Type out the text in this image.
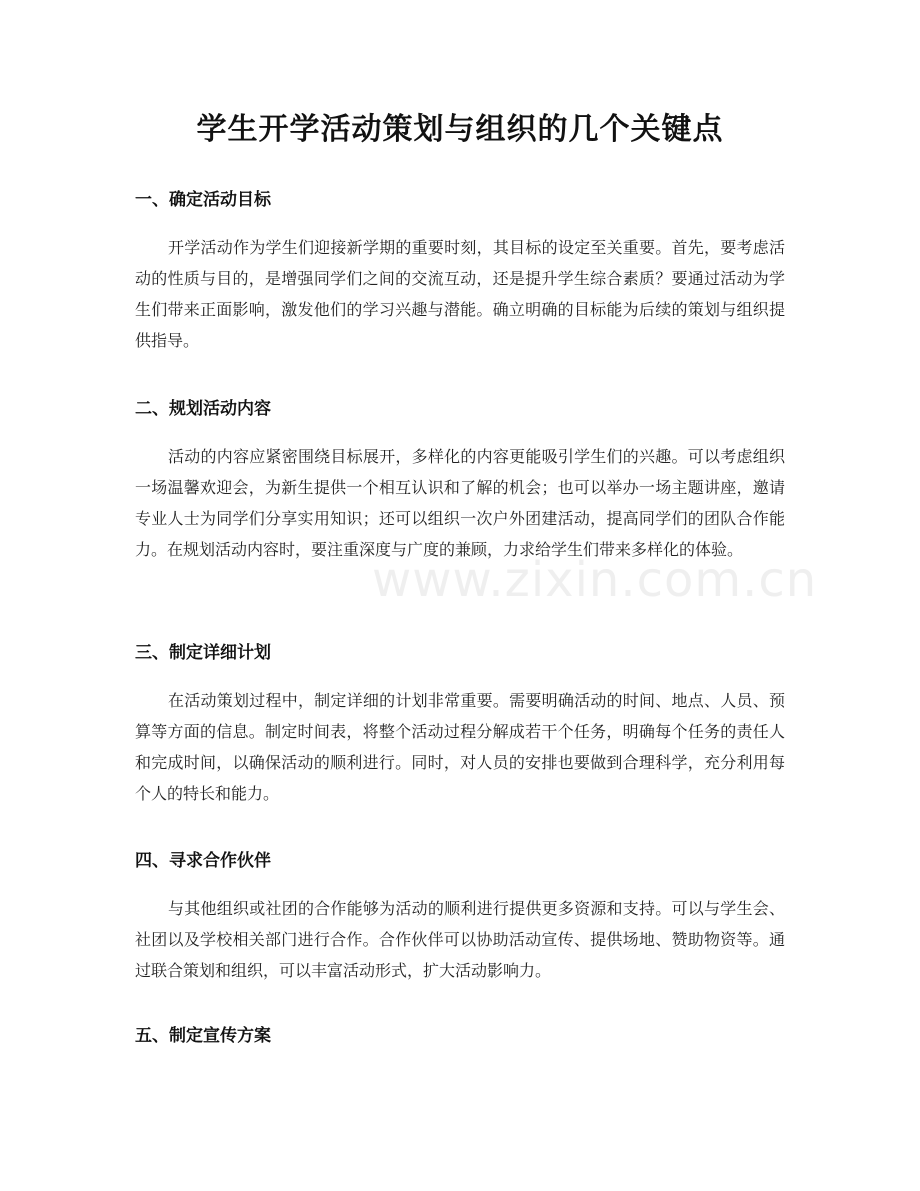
学生开学活动策划与组织的几个关键点
一、确定活动目标

开学活动作为学生们迎接新学期的重要时刻，其目标的设定至关重要。首先，要考虑活动的性质与目的，是增强同学们之间的交流互动，还是提升学生综合素质？要通过活动为学生们带来正面影响，激发他们的学习兴趣与潜能。确立明确的目标能为后续的策划与组织提供指导。

二、规划活动内容

活动的内容应紧密围绕目标展开，多样化的内容更能吸引学生们的兴趣。可以考虑组织一场温馨欢迎会，为新生提供一个相互认识和了解的机会；也可以举办一场主题讲座，邀请专业人士为同学们分享实用知识；还可以组织一次户外团建活动，提高同学们的团队合作能力。在规划活动内容时，要注重深度与广度的兼顾，力求给学生们带来多样化的体验。

三、制定详细计划

在活动策划过程中，制定详细的计划非常重要。需要明确活动的时间、地点、人员、预算等方面的信息。制定时间表，将整个活动过程分解成若干个任务，明确每个任务的责任人和完成时间，以确保活动的顺利进行。同时，对人员的安排也要做到合理科学，充分利用每个人的特长和能力。

四、寻求合作伙伴

与其他组织或社团的合作能够为活动的顺利进行提供更多资源和支持。可以与学生会、社团以及学校相关部门进行合作。合作伙伴可以协助活动宣传、提供场地、赞助物资等。通过联合策划和组织，可以丰富活动形式，扩大活动影响力。

五、制定宣传方案
www.zixin.com.cn
